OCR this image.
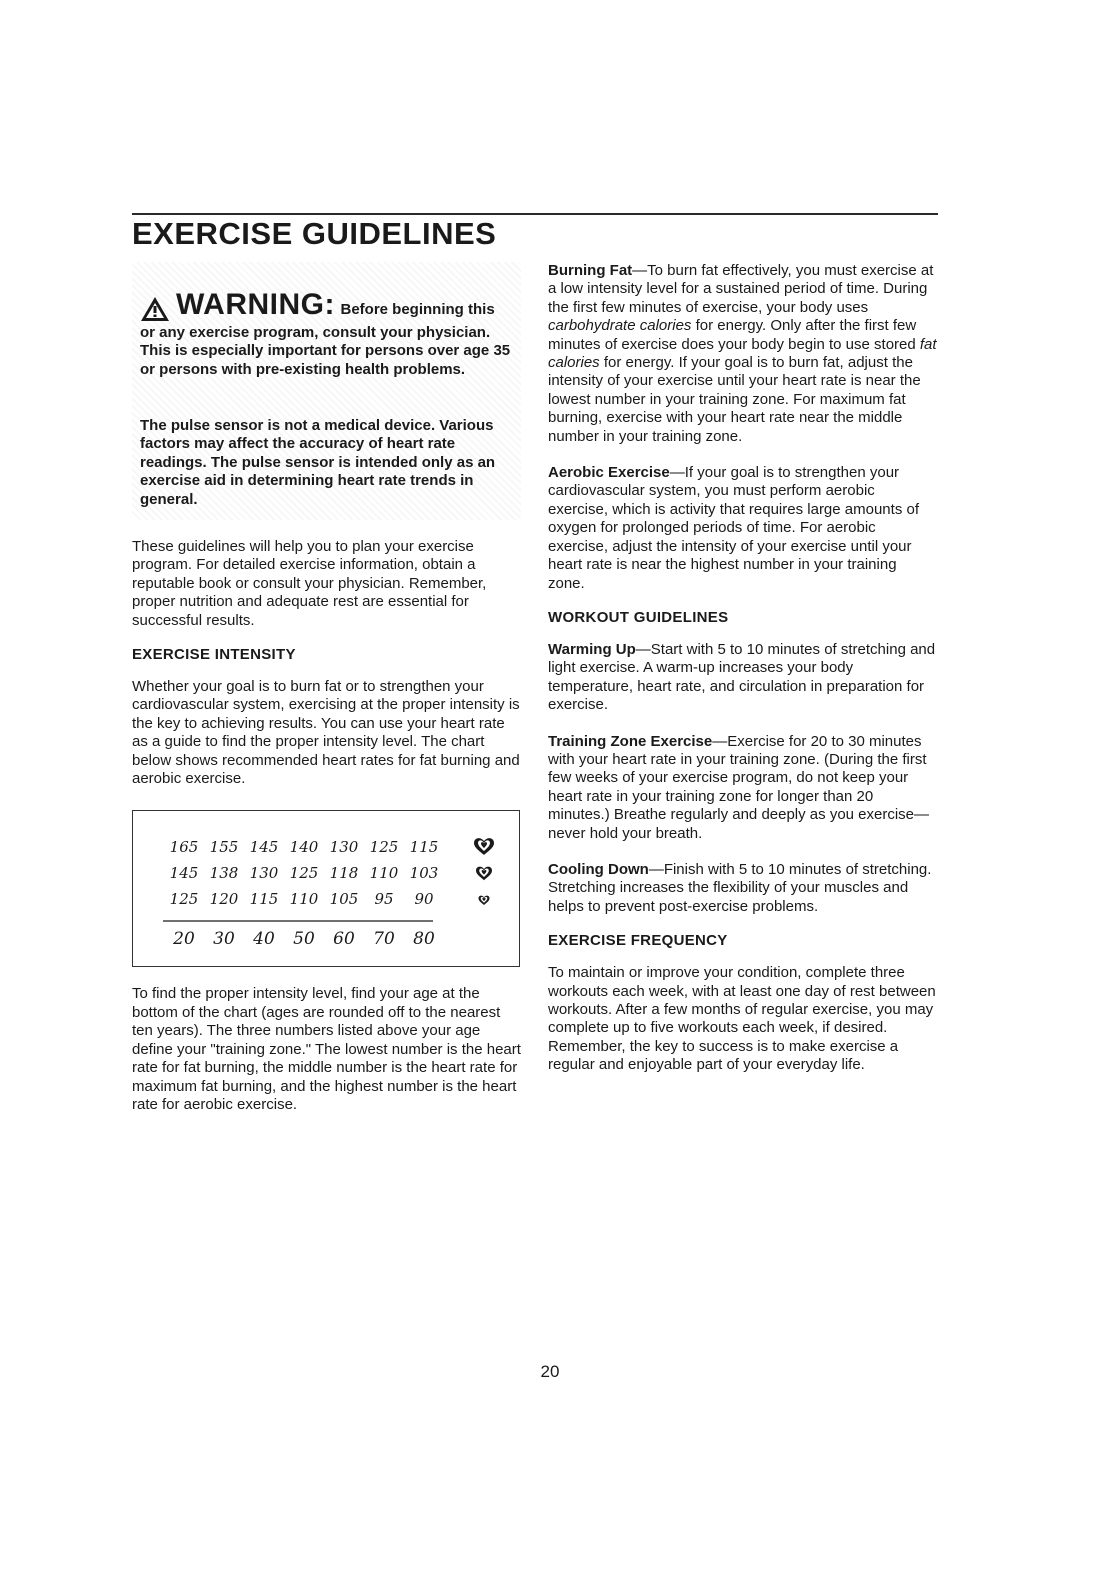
EXERCISE GUIDELINES
WARNING : Before beginning this
or any exercise program, consult your physician. This is especially important for persons over age 35 or persons with pre-existing health problems.
The pulse sensor is not a medical device. Various factors may affect the accuracy of heart rate readings. The pulse sensor is intended only as an exercise aid in determining heart rate trends in general.

These guidelines will help you to plan your exercise program. For detailed exercise information, obtain a reputable book or consult your physician. Remember, proper nutrition and adequate rest are essential for successful results.

EXERCISE INTENSITY

Whether your goal is to burn fat or to strengthen your cardiovascular system, exercising at the proper intensity is the key to achieving results. You can use your heart rate as a guide to find the proper intensity level. The chart below shows recommended heart rates for fat burning and aerobic exercise.

165 155 145 140 130 125 115
145 138 130 125 118 110 103
125 120 115 110 105 95 90
20 30 40 50 60 70 80

To find the proper intensity level, find your age at the bottom of the chart (ages are rounded off to the nearest ten years). The three numbers listed above your age define your "training zone." The lowest number is the heart rate for fat burning, the middle number is the heart rate for maximum fat burning, and the highest number is the heart rate for aerobic exercise.

Burning Fat—To burn fat effectively, you must exercise at a low intensity level for a sustained period of time. During the first few minutes of exercise, your body uses carbohydrate calories for energy. Only after the first few minutes of exercise does your body begin to use stored fat calories for energy. If your goal is to burn fat, adjust the intensity of your exercise until your heart rate is near the lowest number in your training zone. For maximum fat burning, exercise with your heart rate near the middle number in your training zone.

Aerobic Exercise—If your goal is to strengthen your cardiovascular system, you must perform aerobic exercise, which is activity that requires large amounts of oxygen for prolonged periods of time. For aerobic exercise, adjust the intensity of your exercise until your heart rate is near the highest number in your training zone.

WORKOUT GUIDELINES

Warming Up—Start with 5 to 10 minutes of stretching and light exercise. A warm-up increases your body temperature, heart rate, and circulation in preparation for exercise.

Training Zone Exercise—Exercise for 20 to 30 minutes with your heart rate in your training zone. (During the first few weeks of your exercise program, do not keep your heart rate in your training zone for longer than 20 minutes.) Breathe regularly and deeply as you exercise—never hold your breath.

Cooling Down—Finish with 5 to 10 minutes of stretching. Stretching increases the flexibility of your muscles and helps to prevent post-exercise problems.

EXERCISE FREQUENCY

To maintain or improve your condition, complete three workouts each week, with at least one day of rest between workouts. After a few months of regular exercise, you may complete up to five workouts each week, if desired. Remember, the key to success is to make exercise a regular and enjoyable part of your everyday life.

20
